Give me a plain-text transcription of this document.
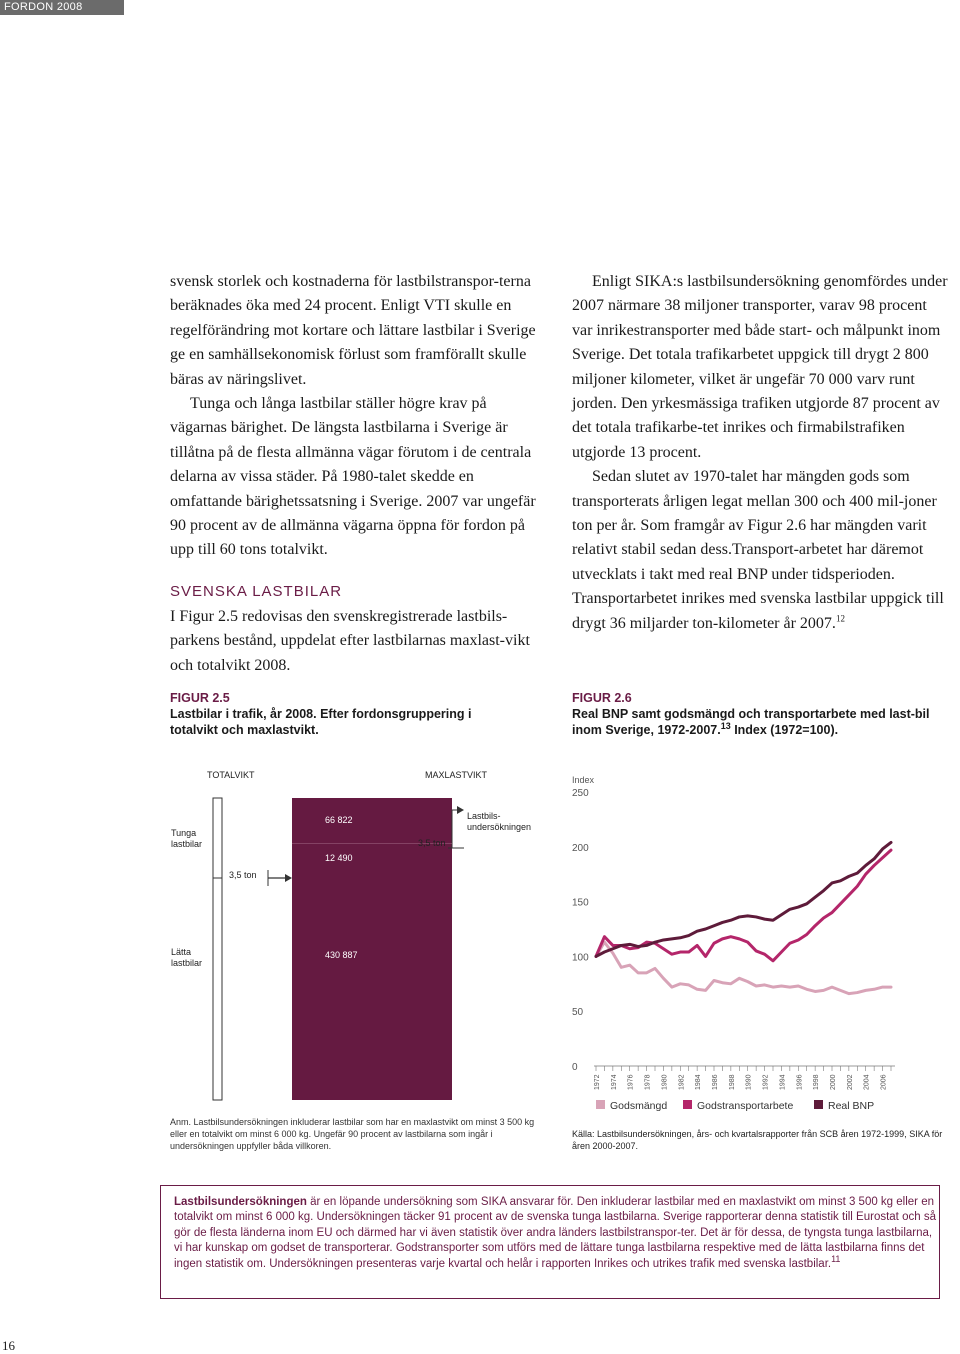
FORDON 2008

svensk storlek och kostnaderna för lastbilstranspor-terna beräknades öka med 24 procent. Enligt VTI skulle en regelförändring mot kortare och lättare lastbilar i Sverige ge en samhällsekonomisk förlust som framförallt skulle bäras av näringslivet.

Tunga och långa lastbilar ställer högre krav på vägarnas bärighet. De längsta lastbilarna i Sverige är tillåtna på de flesta allmänna vägar förutom i de centrala delarna av vissa städer. På 1980-talet skedde en omfattande bärighetssatsning i Sverige. 2007 var ungefär 90 procent av de allmänna vägarna öppna för fordon på upp till 60 tons totalvikt.

SVENSKA LASTBILAR

I Figur 2.5 redovisas den svenskregistrerade lastbils-parkens bestånd, uppdelat efter lastbilarnas maxlast-vikt och totalvikt 2008.

Enligt SIKA:s lastbilsundersökning genomfördes under 2007 närmare 38 miljoner transporter, varav 98 procent var inrikestransporter med både start- och målpunkt inom Sverige. Det totala trafikarbetet uppgick till drygt 2 800 miljoner kilometer, vilket är ungefär 70 000 varv runt jorden. Den yrkesmässiga trafiken utgjorde 87 procent av det totala trafikarbe-tet inrikes och firmabilstrafiken utgjorde 13 procent.

Sedan slutet av 1970-talet har mängden gods som transporterats årligen legat mellan 300 och 400 mil-joner ton per år. Som framgår av Figur 2.6 har mängden varit relativt stabil sedan dess.Transport-arbetet har däremot utvecklats i takt med real BNP under tidsperioden. Transportarbetet inrikes med svenska lastbilar uppgick till drygt 36 miljarder ton-kilometer år 2007.12

FIGUR 2.5
Lastbilar i trafik, år 2008. Efter fordonsgruppering i totalvikt och maxlastvikt.
FIGUR 2.6
Real BNP samt godsmängd och transportarbete med last-bil inom Sverige, 1972-2007.13 Index (1972=100).
TOTALVIKT	MAXLASTVIKT
Tunga lastbilar
Lätta lastbilar
3,5 ton
3,5 ton
Lastbils-undersökningen
66 822
12 490
430 887
Anm. Lastbilsundersökningen inkluderar lastbilar som har en maxlastvikt om minst 3 500 kg eller en totalvikt om minst 6 000 kg. Ungefär 90 procent av lastbilarna som ingår i undersökningen uppfyller båda villkoren.
Index
0
50
100
150
200
250
1972 1974 1976 1978 1980 1982 1984 1986 1988 1990 1992 1994 1996 1998 2000 2002 2004 2006
Godsmängd	Godstransportarbete	Real BNP
Källa: Lastbilsundersökningen, års- och kvartalsrapporter från SCB åren 1972-1999, SIKA för åren 2000-2007.
Lastbilsundersökningen är en löpande undersökning som SIKA ansvarar för. Den inkluderar lastbilar med en maxlastvikt om minst 3 500 kg eller en totalvikt om minst 6 000 kg. Undersökningen täcker 91 procent av de svenska tunga lastbilarna. Sverige rapporterar denna statistik till Eurostat och så gör de flesta länderna inom EU och därmed har vi även statistik över andra länders lastbilstranspor-ter. Det är för dessa, de tyngsta tunga lastbilarna, vi har kunskap om godset de transporterar. Godstransporter som utförs med de lättare tunga lastbilarna respektive med de lätta lastbilarna finns det ingen statistik om. Undersökningen presenteras varje kvartal och helår i rapporten Inrikes och utrikes trafik med svenska lastbilar.$^{11}$
16
